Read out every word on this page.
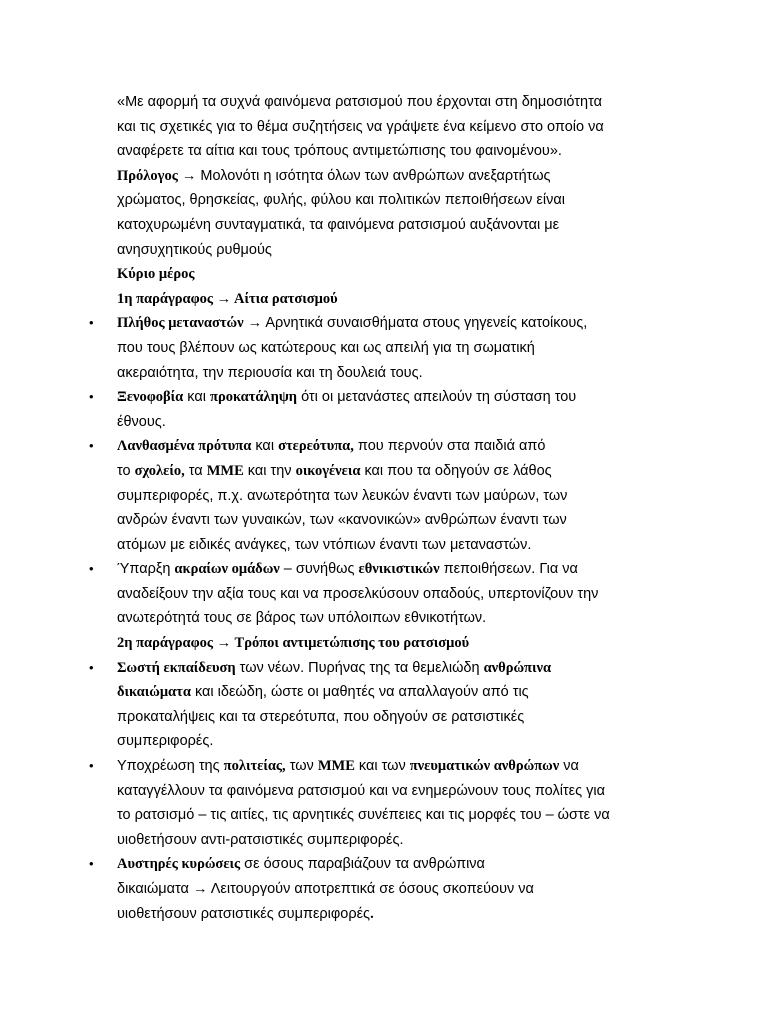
«Με αφορμή τα συχνά φαινόμενα ρατσισμού που έρχονται στη δημοσιότητα
και τις σχετικές για το θέμα συζητήσεις να γράψετε ένα κείμενο στο οποίο να
αναφέρετε τα αίτια και τους τρόπους αντιμετώπισης του φαινομένου».
Πρόλογος → Μολονότι η ισότητα όλων των ανθρώπων ανεξαρτήτως
χρώματος, θρησκείας, φυλής, φύλου και πολιτικών πεποιθήσεων είναι
κατοχυρωμένη συνταγματικά, τα φαινόμενα ρατσισμού αυξάνονται με
ανησυχητικούς ρυθμούς
Κύριο μέρος
1η παράγραφος → Αίτια ρατσισμού
• Πλήθος μεταναστών → Αρνητικά συναισθήματα στους γηγενείς κατοίκους,
που τους βλέπουν ως κατώτερους και ως απειλή για τη σωματική
ακεραιότητα, την περιουσία και τη δουλειά τους.
• Ξενοφοβία και προκατάληψη ότι οι μετανάστες απειλούν τη σύσταση του
έθνους.
• Λανθασμένα πρότυπα και στερεότυπα, που περνούν στα παιδιά από
το σχολείο, τα ΜΜΕ και την οικογένεια και που τα οδηγούν σε λάθος
συμπεριφορές, π.χ. ανωτερότητα των λευκών έναντι των μαύρων, των
ανδρών έναντι των γυναικών, των «κανονικών» ανθρώπων έναντι των
ατόμων με ειδικές ανάγκες, των ντόπιων έναντι των μεταναστών.
• Ύπαρξη ακραίων ομάδων – συνήθως εθνικιστικών πεποιθήσεων. Για να
αναδείξουν την αξία τους και να προσελκύσουν οπαδούς, υπερτονίζουν την
ανωτερότητά τους σε βάρος των υπόλοιπων εθνικοτήτων.
2η παράγραφος → Τρόποι αντιμετώπισης του ρατσισμού
• Σωστή εκπαίδευση των νέων. Πυρήνας της τα θεμελιώδη ανθρώπινα
δικαιώματα και ιδεώδη, ώστε οι μαθητές να απαλλαγούν από τις
προκαταλήψεις και τα στερεότυπα, που οδηγούν σε ρατσιστικές
συμπεριφορές.
• Υποχρέωση της πολιτείας, των ΜΜΕ και των πνευματικών ανθρώπων να
καταγγέλλουν τα φαινόμενα ρατσισμού και να ενημερώνουν τους πολίτες για
το ρατσισμό – τις αιτίες, τις αρνητικές συνέπειες και τις μορφές του – ώστε να
υιοθετήσουν αντι-ρατσιστικές συμπεριφορές.
• Αυστηρές κυρώσεις σε όσους παραβιάζουν τα ανθρώπινα
δικαιώματα → Λειτουργούν αποτρεπτικά σε όσους σκοπεύουν να
υιοθετήσουν ρατσιστικές συμπεριφορές.
